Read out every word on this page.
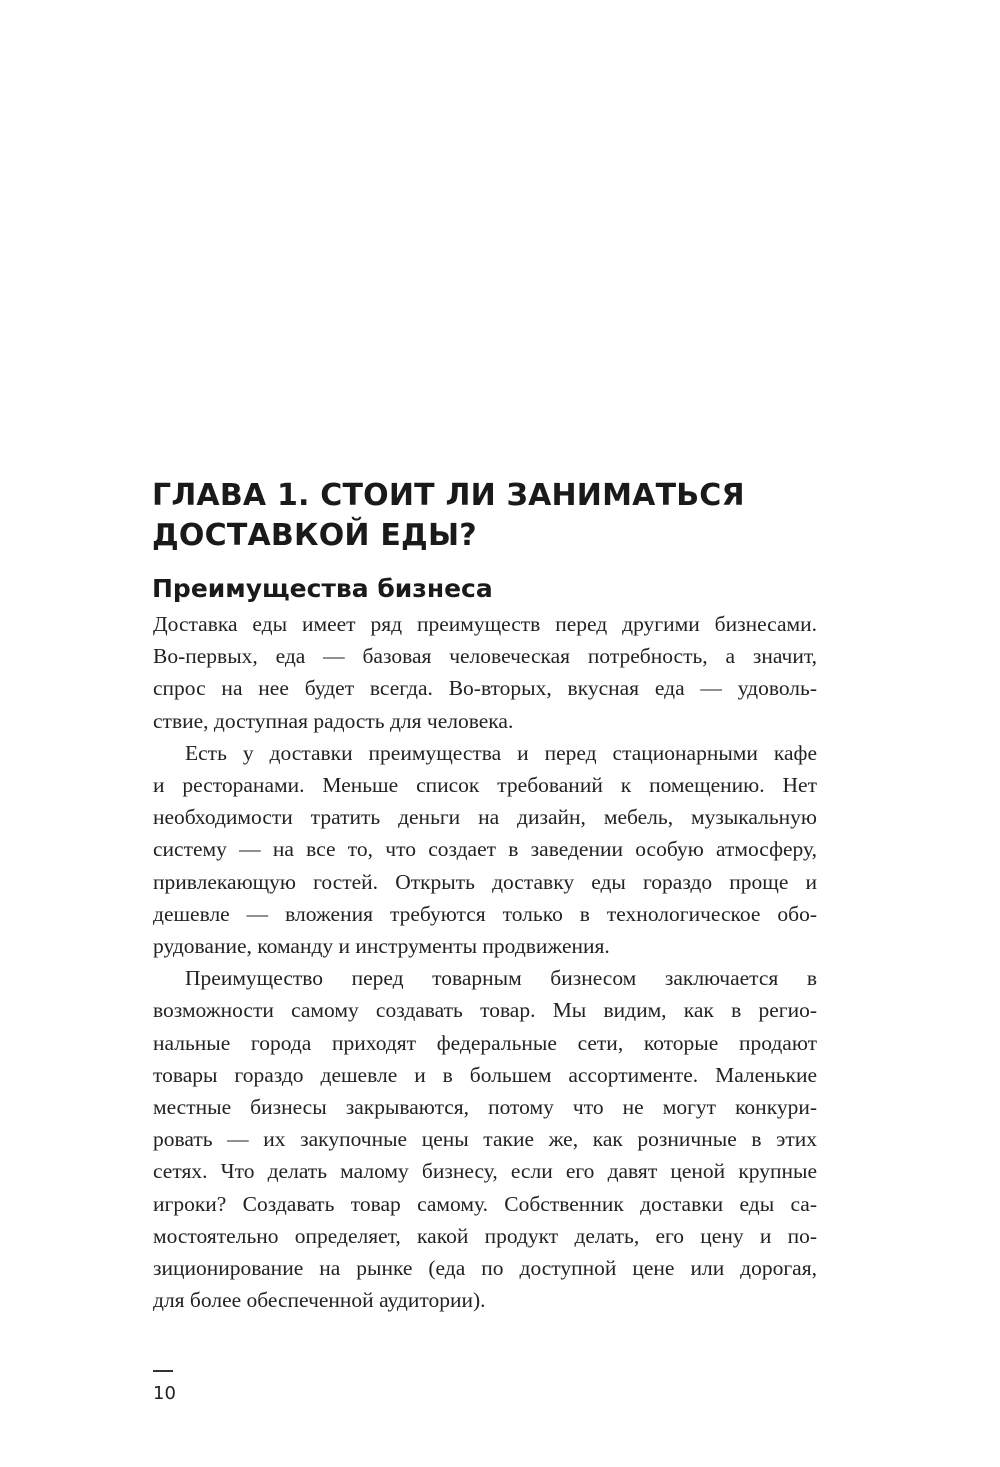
ГЛАВА 1. СТОИТ ЛИ ЗАНИМАТЬСЯ
ДОСТАВКОЙ ЕДЫ?
Преимущества бизнеса

Доставка еды имеет ряд преимуществ перед другими бизнесами.
Во-первых, еда — базовая человеческая потребность, а значит,
спрос на нее будет всегда. Во-вторых, вкусная еда — удоволь-
ствие, доступная радость для человека.

Есть у доставки преимущества и перед стационарными кафе
и ресторанами. Меньше список требований к помещению. Нет
необходимости тратить деньги на дизайн, мебель, музыкальную
систему — на все то, что создает в заведении особую атмосферу,
привлекающую гостей. Открыть доставку еды гораздо проще и
дешевле — вложения требуются только в технологическое обо-
рудование, команду и инструменты продвижения.

Преимущество перед товарным бизнесом заключается в
возможности самому создавать товар. Мы видим, как в регио-
нальные города приходят федеральные сети, которые продают
товары гораздо дешевле и в большем ассортименте. Маленькие
местные бизнесы закрываются, потому что не могут конкури-
ровать — их закупочные цены такие же, как розничные в этих
сетях. Что делать малому бизнесу, если его давят ценой крупные
игроки? Создавать товар самому. Собственник доставки еды са-
мостоятельно определяет, какой продукт делать, его цену и по-
зиционирование на рынке (еда по доступной цене или дорогая,
для более обеспеченной аудитории).

10
